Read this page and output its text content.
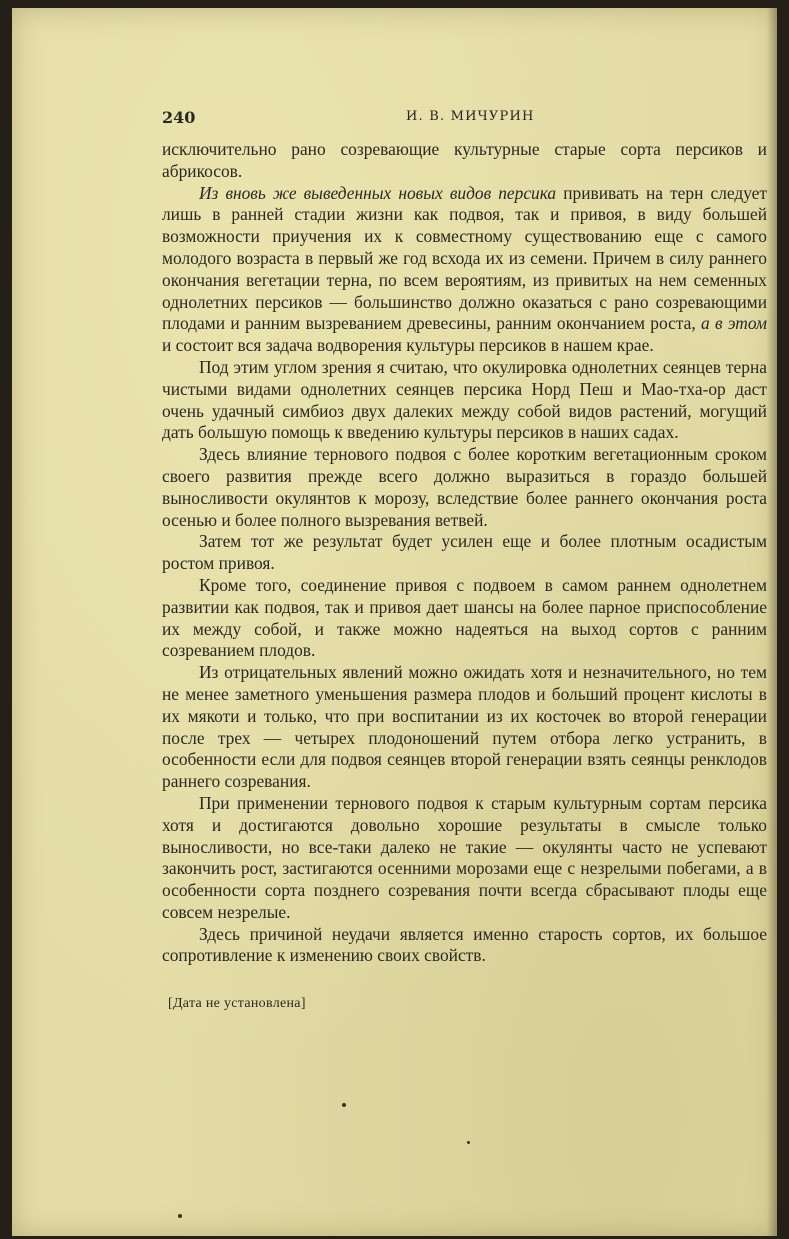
240	И. В. МИЧУРИН

исключительно рано созревающие культурные старые сорта персиков и абрикосов.

Из вновь же выведенных новых видов персика прививать на терн следует лишь в ранней стадии жизни как подвоя, так и привоя, в виду большей возможности приучения их к совместному существованию еще с самого молодого возраста в первый же год всхода их из семени. Причем в силу раннего окончания вегетации терна, по всем вероятиям, из привитых на нем семенных однолетних персиков — большинство должно оказаться с рано созревающими плодами и ранним вызреванием древесины, ранним окончанием роста, а в этом и состоит вся задача водворения культуры персиков в нашем крае.

Под этим углом зрения я считаю, что окулировка однолетних сеянцев терна чистыми видами однолетних сеянцев персика Норд Пеш и Мао-тха-ор даст очень удачный симбиоз двух далеких между собой видов растений, могущий дать большую помощь к введению культуры персиков в наших садах.

Здесь влияние тернового подвоя с более коротким вегетационным сроком своего развития прежде всего должно выразиться в гораздо большей выносливости окулянтов к морозу, вследствие более раннего окончания роста осенью и более полного вызревания ветвей.

Затем тот же результат будет усилен еще и более плотным осадистым ростом привоя.

Кроме того, соединение привоя с подвоем в самом раннем однолетнем развитии как подвоя, так и привоя дает шансы на более парное приспособление их между собой, и также можно надеяться на выход сортов с ранним созреванием плодов.

Из отрицательных явлений можно ожидать хотя и незначительного, но тем не менее заметного уменьшения размера плодов и больший процент кислоты в их мякоти и только, что при воспитании из их косточек во второй генерации после трех — четырех плодоношений путем отбора легко устранить, в особенности если для подвоя сеянцев второй генерации взять сеянцы ренклодов раннего созревания.

При применении тернового подвоя к старым культурным сортам персика хотя и достигаются довольно хорошие результаты в смысле только выносливости, но все-таки далеко не такие — окулянты часто не успевают закончить рост, застигаются осенними морозами еще с незрелыми побегами, а в особенности сорта позднего созревания почти всегда сбрасывают плоды еще совсем незрелые.

Здесь причиной неудачи является именно старость сортов, их большое сопротивление к изменению своих свойств.

[Дата не установлена]
